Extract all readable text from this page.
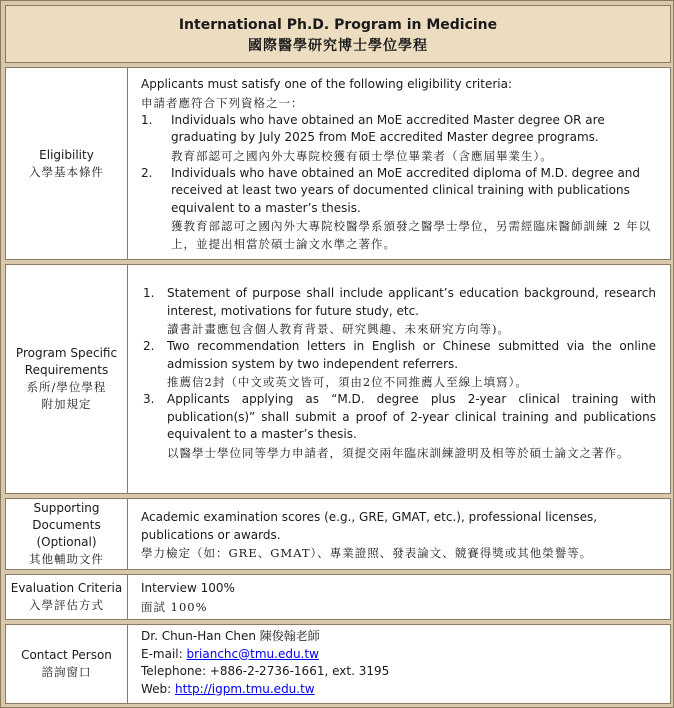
International Ph.D. Program in Medicine
國際醫學研究博士學位學程
Eligibility
入學基本條件
Applicants must satisfy one of the following eligibility criteria:
申請者應符合下列資格之一：
1. Individuals who have obtained an MoE accredited Master degree OR are graduating by July 2025 from MoE accredited Master degree programs.
教育部認可之國內外大專院校獲有碩士學位畢業者（含應屆畢業生）。
2. Individuals who have obtained an MoE accredited diploma of M.D. degree and received at least two years of documented clinical training with publications equivalent to a master’s thesis.
獲教育部認可之國內外大專院校醫學系頒發之醫學士學位，另需經臨床醫師訓練 2 年以上，並提出相當於碩士論文水準之著作。
Program Specific Requirements
系所/學位學程
附加規定
1. Statement of purpose shall include applicant’s education background, research interest, motivations for future study, etc.
讀書計畫應包含個人教育背景、研究興趣、未來研究方向等)。
2. Two recommendation letters in English or Chinese submitted via the online admission system by two independent referrers.
推薦信2封（中文或英文皆可，須由2位不同推薦人至線上填寫）。
3. Applicants applying as “M.D. degree plus 2-year clinical training with publication(s)” shall submit a proof of 2-year clinical training and publications equivalent to a master’s thesis.
以醫學士學位同等學力申請者，須提交兩年臨床訓練證明及相等於碩士論文之著作。
Supporting Documents (Optional)
其他輔助文件
Academic examination scores (e.g., GRE, GMAT, etc.), professional licenses, publications or awards.
學力檢定（如：GRE、GMAT）、專業證照、發表論文、競賽得獎或其他榮譽等。
Evaluation Criteria
入學評估方式
Interview 100%
面試 100%
Contact Person
諮詢窗口
Dr. Chun-Han Chen 陳俊翰老師
E-mail: brianchc@tmu.edu.tw
Telephone: +886-2-2736-1661, ext. 3195
Web: http://igpm.tmu.edu.tw
